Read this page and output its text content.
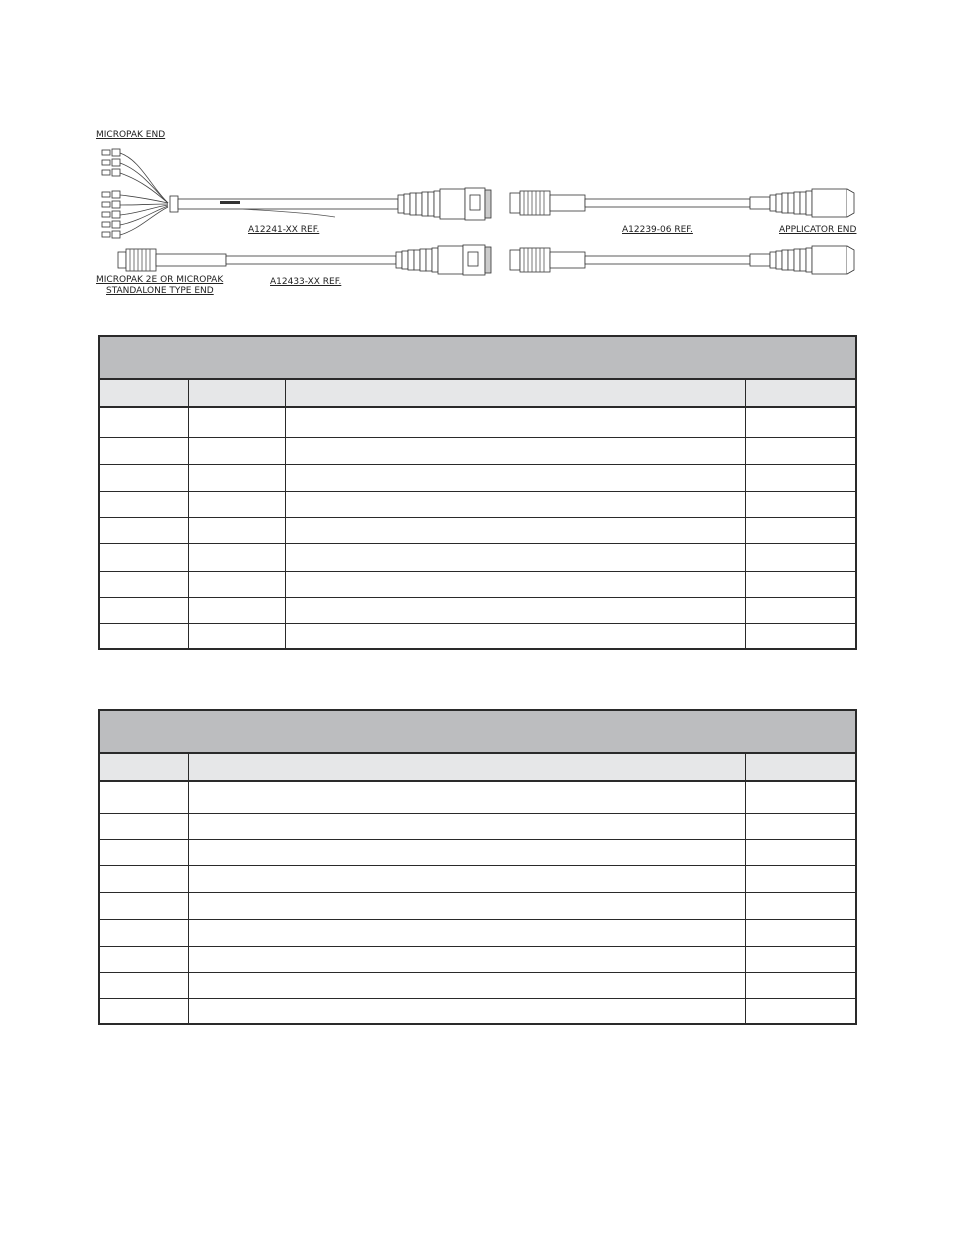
MICROPAK END
A12241-XX REF.	A12239-06 REF.	APPLICATOR END
MICROPAK 2E OR MICROPAK
STANDALONE TYPE END
A12433-XX REF.
